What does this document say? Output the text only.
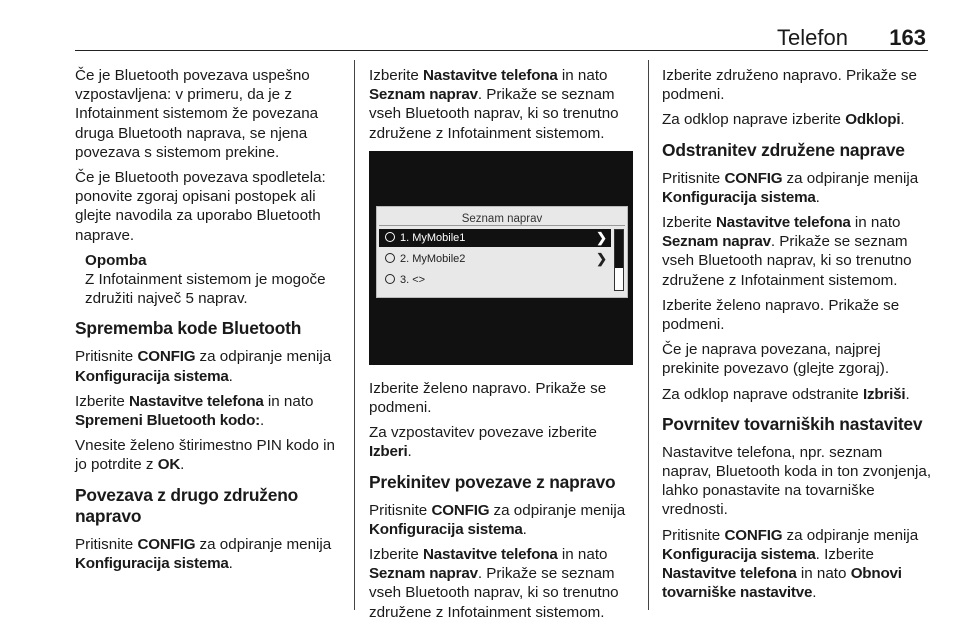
Telefon 163

Če je Bluetooth povezava uspešno vzpostavljena: v primeru, da je z Infotainment sistemom že povezana druga Bluetooth naprava, se njena povezava s sistemom prekine.

Če je Bluetooth povezava spodletela: ponovite zgoraj opisani postopek ali glejte navodila za uporabo Bluetooth naprave.

Opomba
Z Infotainment sistemom je mogoče združiti največ 5 naprav.
Sprememba kode Bluetooth

Pritisnite CONFIG za odpiranje menija Konfiguracija sistema.

Izberite Nastavitve telefona in nato Spremeni Bluetooth kodo:.

Vnesite želeno štirimestno PIN kodo in jo potrdite z OK.

Povezava z drugo združeno napravo

Pritisnite CONFIG za odpiranje menija Konfiguracija sistema.

Izberite Nastavitve telefona in nato Seznam naprav. Prikaže se seznam vseh Bluetooth naprav, ki so trenutno združene z Infotainment sistemom.

Seznam naprav
1. MyMobile1	❯
2. MyMobile2	❯
3. <>

Izberite želeno napravo. Prikaže se podmeni.

Za vzpostavitev povezave izberite Izberi.

Prekinitev povezave z napravo

Pritisnite CONFIG za odpiranje menija Konfiguracija sistema.

Izberite Nastavitve telefona in nato Seznam naprav. Prikaže se seznam vseh Bluetooth naprav, ki so trenutno združene z Infotainment sistemom.

Izberite združeno napravo. Prikaže se podmeni.

Za odklop naprave izberite Odklopi.

Odstranitev združene naprave

Pritisnite CONFIG za odpiranje menija Konfiguracija sistema.

Izberite Nastavitve telefona in nato Seznam naprav. Prikaže se seznam vseh Bluetooth naprav, ki so trenutno združene z Infotainment sistemom.

Izberite želeno napravo. Prikaže se podmeni.

Če je naprava povezana, najprej prekinite povezavo (glejte zgoraj).

Za odklop naprave odstranite Izbriši.

Povrnitev tovarniških nastavitev

Nastavitve telefona, npr. seznam naprav, Bluetooth koda in ton zvonjenja, lahko ponastavite na tovarniške vrednosti.

Pritisnite CONFIG za odpiranje menija Konfiguracija sistema. Izberite Nastavitve telefona in nato Obnovi tovarniške nastavitve.
